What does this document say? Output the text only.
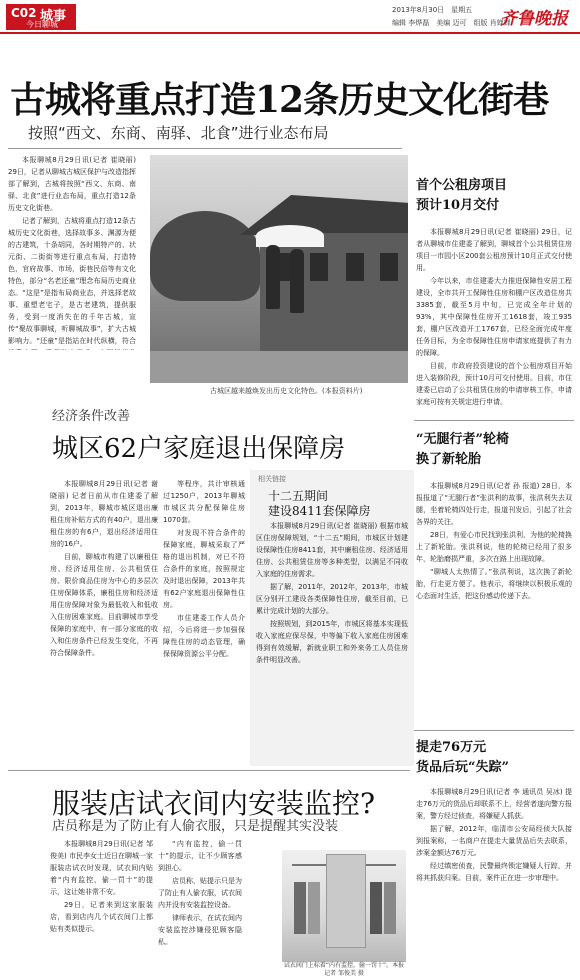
C02 城事
今日聊城
2013年8月30日　星期五
编辑 李烨磊　美编 迈可　组版 肖婵婵
齐鲁晚报
古城将重点打造12条历史文化街巷
按照“西文、东商、南驿、北食”进行业态布局

本报聊城8月29日讯(记者 崔晓丽) 29日，记者从聊城古城区保护与改造指挥部了解到，古城将按照“西文、东商、南驿、北食”进行业态布局，重点打造12条历史文化街巷。

记者了解到，古城将重点打造12条古城历史文化街巷，选择故事多、渊源为便的古建筑，十条胡同，各时期特产的、状元街、二街街等进行重点布局，打造特色，官府故事、市场，街巷民俗等有文化特色，部分“名老还童”理念布局历史商业态。“这是”是指布局商业态，并选择老故事、重塑老宅子，是古老建筑，提供服务，受到一度消失在的千年古城，宣传“聚故事聊城，听聊城故事”，扩大古城影响力。“还童”是指站在时代纵横，符合

古城区越来越焕发出历史文化特色。(本报资料片)
首个公租房项目
预计10月交付

本报聊城8月29日讯(记者 崔晓丽) 29日，记者从聊城市住建委了解到，聊城首个公共租赁住房项目一市园小区200套公租房预计10月正式交付使用。

今年以来，市住建委大力推进保障性安居工程建设，全市共开工保障性住房和棚户区改造住房共3385套，截至5月中旬，已完成全年计划的93%，其中保障性住房开工1618套，竣工935套，棚户区改造开工1767套，已经全面完成年度任务目标，为全市保障性住房申请家庭提供了有力的保障。

目前，市政府投资建设的首个公租房项目开始进入装修阶段，预计10月可交付使用。目前，市住建委已启动了公共租赁住房的申请审核工作，申请家庭可按有关规定进行申请。

经济条件改善
城区62户家庭退出保障房

本报聊城8月29日讯(记者 谢晓丽) 记者日前从市住建委了解到，2013年，聊城市城区退出廉租住房补贴方式的有40户，退出廉租住房的有6户，退出经济适用住房的16户。

目前，聊城市构建了以廉租住房、经济适用住房、公共租赁住房、限价商品住房为中心的多层次住房保障体系，廉租住房和经济适用住房保障对象为最低收入和低收入住房困难家庭。目前聊城市享受保障的家庭中，有一部分家庭的收入和住房条件已经发生变化，不再符合保障条件。

等程序，共计审核通过1250户，2013年聊城市城区共分配保障住房1070套。

对发现不符合条件的保障家庭，聊城采取了严格的退出机制，对已不符合条件的家庭，按照规定及时退出保障，2013年共有62户家庭退出保障性住房。

市住建委工作人员介绍，今后将进一步加强保障性住房的动态管理，确保保障资源公平分配。

相关链接
十二五期间
建设8411套保障房

本报聊城8月29日讯(记者 崔晓丽) 根据市城区住房保障规划，“十二五”期间，市城区计划建设保障性住房8411套，其中廉租住房、经济适用住房、公共租赁住房等多种类型，以满足不同收入家庭的住房需求。

据了解，2011年，2012年，2013年，市城区分别开工建设各类保障性住房，截至目前，已累计完成计划的大部分。

按照规划，到2015年，市城区将基本实现低收入家庭应保尽保，中等偏下收入家庭住房困难得到有效缓解，新就业职工和外来务工人员住房条件明显改善。

“无腿行者”轮椅
换了新轮胎

本报聊城8月29日讯(记者 孙 报道) 28日，本报报道了“无腿行者”张洪利的故事，张洪利失去双腿，坐着轮椅四处行走，报道刊发后，引起了社会各界的关注。

28日，有爱心市民找到张洪利，为他的轮椅换上了新轮胎。张洪利说，他的轮椅已经用了很多年，轮胎磨损严重，多次在路上出现故障。

“聊城人太热情了。”张洪利说，这次换了新轮胎，行走更方便了。他表示，将继续以积极乐观的心态面对生活，把这份感动传递下去。

服装店试衣间内安装监控?
店员称是为了防止有人偷衣服，只是提醒其实没装

本报聊城8月29日讯(记者 邹俊美) 市民李女士近日在聊城一家服装店试衣时发现，试衣间内贴着“内有监控，偷一罚十”的提示，这让她非常不安。

29日，记者来到这家服装店，看到店内几个试衣间门上都贴有类似提示。

“内有监控，偷一罚十”的提示，让不少顾客感到担心。

店员称，贴提示只是为了防止有人偷衣服，试衣间内并没有安装监控设备。

律师表示，在试衣间内安装监控涉嫌侵犯顾客隐私。

试衣间门上标着“内有监控，偷一罚十”。本报记者 邹俊美 摄
提走76万元
货品后玩“失踪”

本报聊城8月29日讯(记者 李 通讯员 吴冰) 提走76万元的货品后却联系不上，经营者遂向警方报案，警方经过侦查，将嫌疑人抓获。

据了解，2012年，临清市公安局经侦大队接到报案称，一名商户在提走大量货品后失去联系，涉案金额达76万元。

经过缜密侦查，民警最终锁定嫌疑人行踪，并将其抓获归案。目前，案件正在进一步审理中。
